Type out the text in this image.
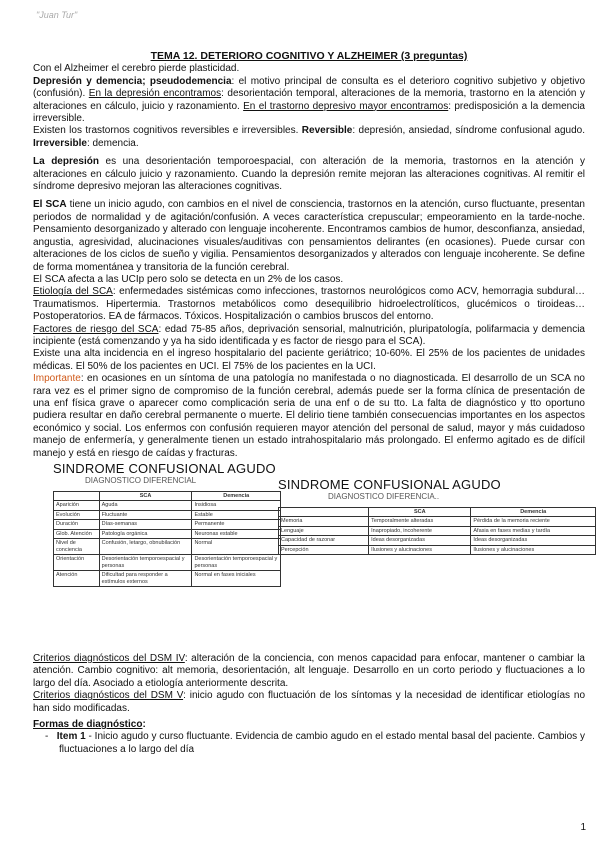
"Juan Tur"
TEMA 12. DETERIORO COGNITIVO Y ALZHEIMER (3 preguntas)

Con el Alzheimer el cerebro pierde plasticidad.

Depresión y demencia; pseudodemencia: el motivo principal de consulta es el deterioro cognitivo subjetivo y objetivo (confusión). En la depresión encontramos: desorientación temporal, alteraciones de la memoria, trastorno en la atención y alteraciones en cálculo, juicio y razonamiento. En el trastorno depresivo mayor encontramos: predisposición a la demencia irreversible.

Existen los trastornos cognitivos reversibles e irreversibles. Reversible: depresión, ansiedad, síndrome confusional agudo. Irreversible: demencia.

La depresión es una desorientación temporoespacial, con alteración de la memoria, trastornos en la atención y alteraciones en cálculo juicio y razonamiento. Cuando la depresión remite mejoran las alteraciones cognitivas. Al remitir el síndrome depresivo mejoran las alteraciones cognitivas.

El SCA tiene un inicio agudo, con cambios en el nivel de consciencia, trastornos en la atención, curso fluctuante, presentan periodos de normalidad y de agitación/confusión. A veces característica crepuscular; empeoramiento en la tarde-noche. Pensamiento desorganizado y alterado con lenguaje incoherente. Encontramos cambios de humor, desconfianza, ansiedad, angustia, agresividad, alucinaciones visuales/auditivas con pensamientos delirantes (en ocasiones). Puede cursar con alteraciones de los ciclos de sueño y vigilia. Pensamientos desorganizados y alterados con lenguaje incoherente. Se define de forma momentánea y transitoria de la función cerebral.

El SCA afecta a las UCIp pero solo se detecta en un 2% de los casos.

Etiología del SCA: enfermedades sistémicas como infecciones, trastornos neurológicos como ACV, hemorragia subdural… Traumatismos. Hipertermia. Trastornos metabólicos como desequilibrio hidroelectrolíticos, glucémicos o tiroideas… Postoperatorios. EA de fármacos. Tóxicos. Hospitalización o cambios bruscos del entorno.

Factores de riesgo del SCA: edad 75-85 años, deprivación sensorial, malnutrición, pluripatología, polifarmacia y demencia incipiente (está comenzando y ya ha sido identificada y es factor de riesgo para el SCA).

Existe una alta incidencia en el ingreso hospitalario del paciente geriátrico; 10-60%. El 25% de los pacientes de unidades médicas. El 50% de los pacientes en UCI. El 75% de los pacientes en la UCI.

Importante: en ocasiones en un síntoma de una patología no manifestada o no diagnosticada. El desarrollo de un SCA no rara vez es el primer signo de compromiso de la función cerebral, además puede ser la forma clínica de presentación de una enf física grave o aparecer como complicación seria de una enf o de su tto. La falta de diagnóstico y tto oportuno pudiera resultar en daño cerebral permanente o muerte. El delirio tiene también consecuencias importantes en los aspectos económico y social. Los enfermos con confusión requieren mayor atención del personal de salud, mayor y más cuidadoso manejo de enfermería, y generalmente tienen un estado intrahospitalario más prolongado. El enfermo agitado es de difícil manejo y está en riesgo de caídas y fracturas.

SINDROME CONFUSIONAL AGUDO
DIAGNOSTICO DIFERENCIAL
	SCA	Demencia
Aparición	Aguda	Insidiosa
Evolución	Fluctuante	Estable
Duración	Días-semanas	Permanente
Glob. Atención	Patología orgánica	Neuronas estable
Nivel de conciencia	Confusión, letargo, obnubilación	Normal
Orientación	Desorientación temporoespacial y personas	Desorientación temporoespacial y personas
Atención	Dificultad para responder a estímulos externos	Normal en fases iniciales
SINDROME CONFUSIONAL AGUDO
DIAGNOSTICO DIFERENCIA..
	SCA	Demencia
Memoria	Temporalmente alteradas	Pérdida de la memoria reciente
Lenguaje	Inapropiado, incoherente	Afasia en fases medias y tardía
Capacidad de razonar	Ideas desorganizadas	Ideas desorganizadas
Percepción	Ilusiones y alucinaciones	Ilusiones y alucinaciones

Criterios diagnósticos del DSM IV: alteración de la conciencia, con menos capacidad para enfocar, mantener o cambiar la atención. Cambio cognitivo: alt memoria, desorientación, alt lenguaje. Desarrollo en un corto periodo y fluctuaciones a lo largo del día. Asociado a etiología anteriormente descrita.

Criterios diagnósticos del DSM V: inicio agudo con fluctuación de los síntomas y la necesidad de identificar etiologías no han sido modificadas.

Formas de diagnóstico:

- Item 1 - Inicio agudo y curso fluctuante. Evidencia de cambio agudo en el estado mental basal del paciente. Cambios y fluctuaciones a lo largo del día

1
